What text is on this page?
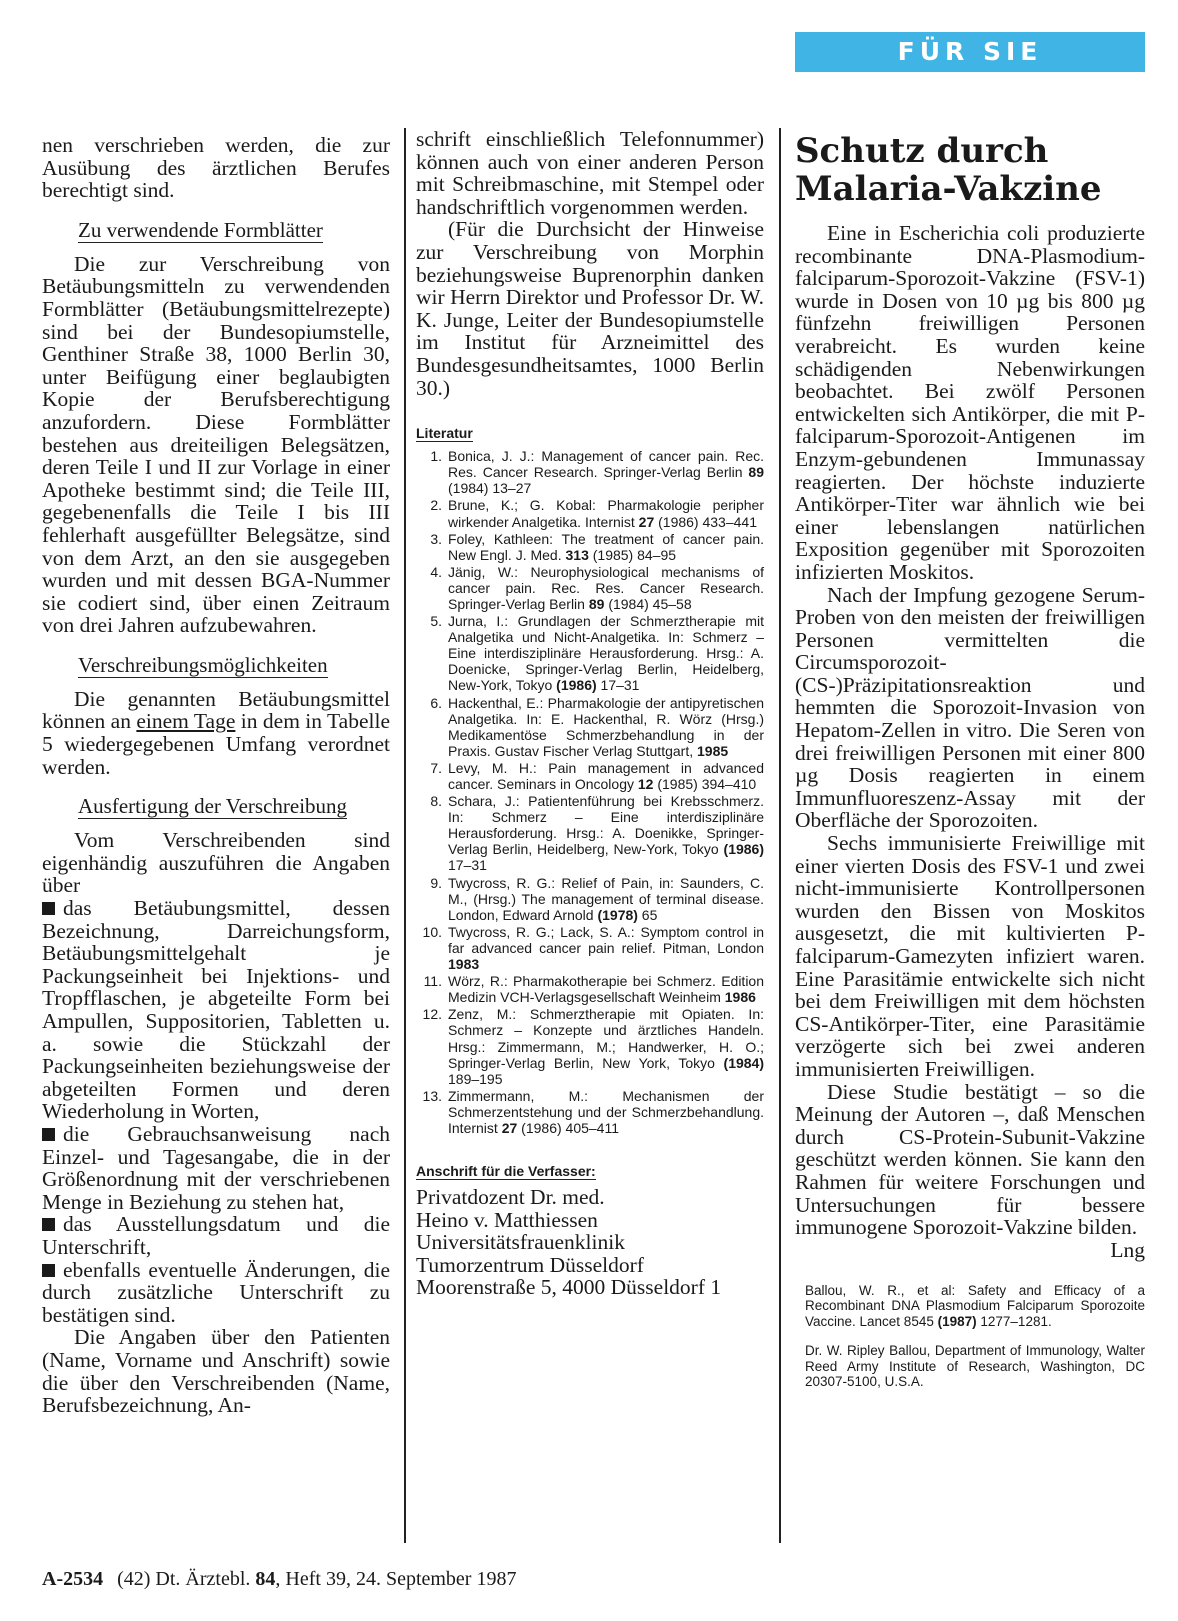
FÜR SIE REFERIERT

nen verschrieben werden, die zur Ausübung des ärztlichen Berufes berechtigt sind.

Zu verwendende Formblätter

Die zur Verschreibung von Betäubungsmitteln zu verwendenden Formblätter (Betäubungsmittelrezepte) sind bei der Bundesopiumstelle, Genthiner Straße 38, 1000 Berlin 30, unter Beifügung einer beglaubigten Kopie der Berufsberechtigung anzufordern. Diese Formblätter bestehen aus dreiteiligen Belegsätzen, deren Teile I und II zur Vorlage in einer Apotheke bestimmt sind; die Teile III, gegebenenfalls die Teile I bis III fehlerhaft ausgefüllter Belegsätze, sind von dem Arzt, an den sie ausgegeben wurden und mit dessen BGA-Nummer sie codiert sind, über einen Zeitraum von drei Jahren aufzubewahren.

Verschreibungsmöglichkeiten

Die genannten Betäubungsmittel können an einem Tage in dem in Tabelle 5 wiedergegebenen Umfang verordnet werden.

Ausfertigung der Verschreibung

Vom Verschreibenden sind eigenhändig auszuführen die Angaben über

das Betäubungsmittel, dessen Bezeichnung, Darreichungsform, Betäubungsmittelgehalt je Packungseinheit bei Injektions- und Tropfflaschen, je abgeteilte Form bei Ampullen, Suppositorien, Tabletten u. a. sowie die Stückzahl der Packungseinheiten beziehungsweise der abgeteilten Formen und deren Wiederholung in Worten,

die Gebrauchsanweisung nach Einzel- und Tagesangabe, die in der Größenordnung mit der verschriebenen Menge in Beziehung zu stehen hat,

das Ausstellungsdatum und die Unterschrift,

ebenfalls eventuelle Änderungen, die durch zusätzliche Unterschrift zu bestätigen sind.

Die Angaben über den Patienten (Name, Vorname und Anschrift) sowie die über den Verschreibenden (Name, Berufsbezeichnung, An-

schrift einschließlich Telefonnummer) können auch von einer anderen Person mit Schreibmaschine, mit Stempel oder handschriftlich vorgenommen werden.

(Für die Durchsicht der Hinweise zur Verschreibung von Morphin beziehungsweise Buprenorphin danken wir Herrn Direktor und Professor Dr. W. K. Junge, Leiter der Bundesopiumstelle im Institut für Arzneimittel des Bundesgesundheitsamtes, 1000 Berlin 30.)

Literatur
1. Bonica, J. J.: Management of cancer pain. Rec. Res. Cancer Research. Springer-Verlag Berlin 89 (1984) 13–27
2. Brune, K.; G. Kobal: Pharmakologie peripher wirkender Analgetika. Internist 27 (1986) 433–441
3. Foley, Kathleen: The treatment of cancer pain. New Engl. J. Med. 313 (1985) 84–95
4. Jänig, W.: Neurophysiological mechanisms of cancer pain. Rec. Res. Cancer Research. Springer-Verlag Berlin 89 (1984) 45–58
5. Jurna, I.: Grundlagen der Schmerztherapie mit Analgetika und Nicht-Analgetika. In: Schmerz – Eine interdisziplinäre Herausforderung. Hrsg.: A. Doenicke, Springer-Verlag Berlin, Heidelberg, New-York, Tokyo (1986) 17–31
6. Hackenthal, E.: Pharmakologie der antipyretischen Analgetika. In: E. Hackenthal, R. Wörz (Hrsg.) Medikamentöse Schmerzbehandlung in der Praxis. Gustav Fischer Verlag Stuttgart, 1985
7. Levy, M. H.: Pain management in advanced cancer. Seminars in Oncology 12 (1985) 394–410
8. Schara, J.: Patientenführung bei Krebsschmerz. In: Schmerz – Eine interdisziplinäre Herausforderung. Hrsg.: A. Doenikke, Springer-Verlag Berlin, Heidelberg, New-York, Tokyo (1986) 17–31
9. Twycross, R. G.: Relief of Pain, in: Saunders, C. M., (Hrsg.) The management of terminal disease. London, Edward Arnold (1978) 65
10. Twycross, R. G.; Lack, S. A.: Symptom control in far advanced cancer pain relief. Pitman, London 1983
11. Wörz, R.: Pharmakotherapie bei Schmerz. Edition Medizin VCH-Verlagsgesellschaft Weinheim 1986
12. Zenz, M.: Schmerztherapie mit Opiaten. In: Schmerz – Konzepte und ärztliches Handeln. Hrsg.: Zimmermann, M.; Handwerker, H. O.; Springer-Verlag Berlin, New York, Tokyo (1984) 189–195
13. Zimmermann, M.: Mechanismen der Schmerzentstehung und der Schmerzbehandlung. Internist 27 (1986) 405–411
Anschrift für die Verfasser:
Privatdozent Dr. med.
Heino v. Matthiessen
Universitätsfrauenklinik
Tumorzentrum Düsseldorf
Moorenstraße 5, 4000 Düsseldorf 1
Schutz durch Malaria-Vakzine

Eine in Escherichia coli produzierte recombinante DNA-Plasmodium-falciparum-Sporozoit-Vakzine (FSV-1) wurde in Dosen von 10 µg bis 800 µg fünfzehn freiwilligen Personen verabreicht. Es wurden keine schädigenden Nebenwirkungen beobachtet. Bei zwölf Personen entwickelten sich Antikörper, die mit P-falciparum-Sporozoit-Antigenen im Enzym-gebundenen Immunassay reagierten. Der höchste induzierte Antikörper-Titer war ähnlich wie bei einer lebenslangen natürlichen Exposition gegenüber mit Sporozoiten infizierten Moskitos.

Nach der Impfung gezogene Serum-Proben von den meisten der freiwilligen Personen vermittelten die Circumsporozoit-(CS-)Präzipitationsreaktion und hemmten die Sporozoit-Invasion von Hepatom-Zellen in vitro. Die Seren von drei freiwilligen Personen mit einer 800 µg Dosis reagierten in einem Immunfluoreszenz-Assay mit der Oberfläche der Sporozoiten.

Sechs immunisierte Freiwillige mit einer vierten Dosis des FSV-1 und zwei nicht-immunisierte Kontrollpersonen wurden den Bissen von Moskitos ausgesetzt, die mit kultivierten P-falciparum-Gamezyten infiziert waren. Eine Parasitämie entwickelte sich nicht bei dem Freiwilligen mit dem höchsten CS-Antikörper-Titer, eine Parasitämie verzögerte sich bei zwei anderen immunisierten Freiwilligen.

Diese Studie bestätigt – so die Meinung der Autoren –, daß Menschen durch CS-Protein-Subunit-Vakzine geschützt werden können. Sie kann den Rahmen für weitere Forschungen und Untersuchungen für bessere immunogene Sporozoit-Vakzine bilden.
Lng

Ballou, W. R., et al: Safety and Efficacy of a Recombinant DNA Plasmodium Falciparum Sporozoite Vaccine. Lancet 8545 (1987) 1277–1281.

Dr. W. Ripley Ballou, Department of Immunology, Walter Reed Army Institute of Research, Washington, DC 20307-5100, U.S.A.

A-2534 (42) Dt. Ärztebl. 84, Heft 39, 24. September 1987
